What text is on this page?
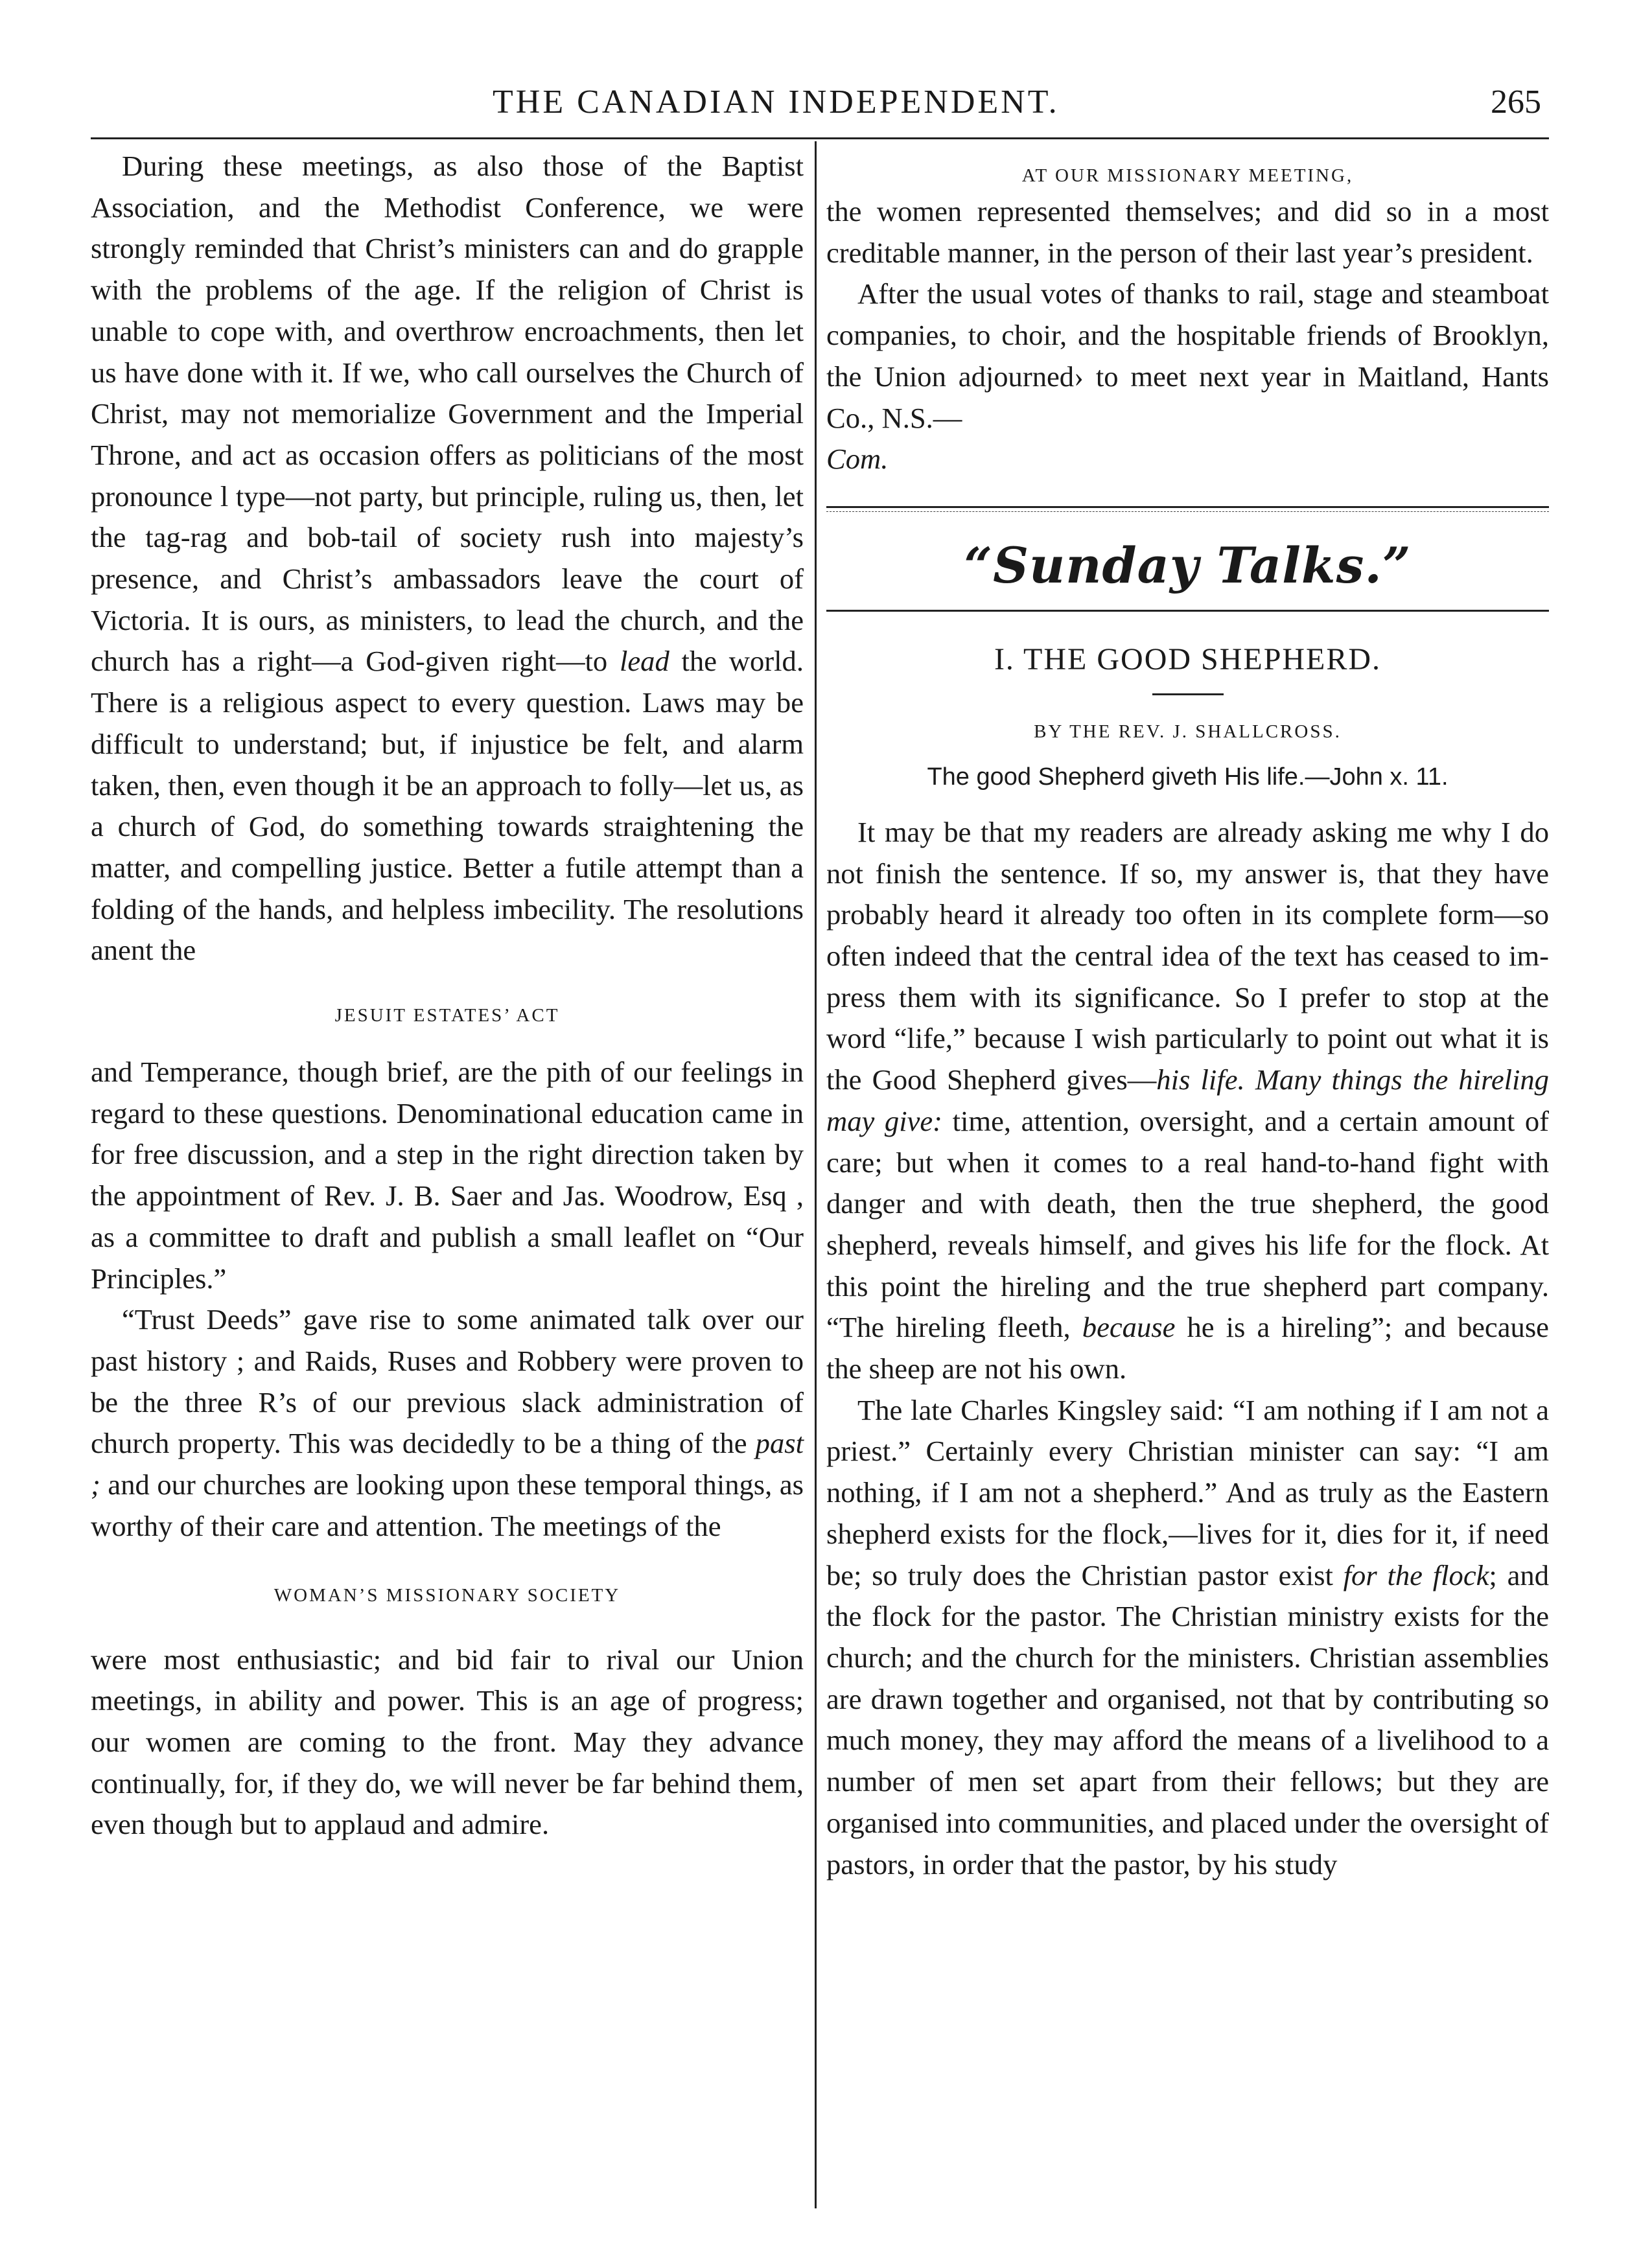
THE CANADIAN INDEPENDENT.	265

During these meetings, as also those of the Baptist Association, and the Methodist Conference, we were strongly reminded that Christ’s ministers can and do grapple with the problems of the age. If the religion of Christ is unable to cope with, and overthrow encroachments, then let us have done with it. If we, who call ourselves the Church of Christ, may not memorialize Government and the Imperial Throne, and act as occasion offers as politicians of the most pronounce l type—not party, but principle, ruling us, then, let the tag-rag and bob-tail of society rush into majesty’s presence, and Christ’s ambassadors leave the court of Victoria. It is ours, as ministers, to lead the church, and the church has a right—a God-given right—to lead the world. There is a religious aspect to every question. Laws may be difficult to understand; but, if injustice be felt, and alarm taken, then, even though it be an approach to folly—let us, as a church of God, do something towards straightening the matter, and compelling justice. Better a futile attempt than a folding of the hands, and helpless imbecility. The resolutions anent the

JESUIT ESTATES’ ACT

and Temperance, though brief, are the pith of our feelings in regard to these questions. Denominational education came in for free discussion, and a step in the right direction taken by the appointment of Rev. J. B. Saer and Jas. Woodrow, Esq , as a committee to draft and publish a small leaflet on “Our Principles.”

“Trust Deeds” gave rise to some animated talk over our past history ; and Raids, Ruses and Robbery were proven to be the three R’s of our previous slack administration of church property. This was decidedly to be a thing of the past ; and our churches are looking upon these temporal things, as worthy of their care and attention. The meetings of the

WOMAN’S MISSIONARY SOCIETY

were most enthusiastic; and bid fair to rival our Union meetings, in ability and power. This is an age of progress; our women are coming to the front. May they advance continually, for, if they do, we will never be far behind them, even though but to applaud and admire.

AT OUR MISSIONARY MEETING,

the women represented themselves; and did so in a most creditable manner, in the person of their last year’s president.

After the usual votes of thanks to rail, stage and steamboat companies, to choir, and the hospitable friends of Brooklyn, the Union adjourned› to meet next year in Maitland, Hants Co., N.S.—
Com.

“Sunday Talks.”

I. THE GOOD SHEPHERD.

BY THE REV. J. SHALLCROSS.

The good Shepherd giveth His life.—John x. 11.

It may be that my readers are already asking me why I do not finish the sentence. If so, my answer is, that they have probably heard it already too often in its complete form—so often indeed that the central idea of the text has ceased to impress them with its significance. So I prefer to stop at the word “life,” because I wish particularly to point out what it is the Good Shepherd gives—his life. Many things the hireling may give: time, attention, oversight, and a certain amount of care; but when it comes to a real hand-to-hand fight with danger and with death, then the true shepherd, the good shepherd, reveals himself, and gives his life for the flock. At this point the hireling and the true shepherd part company. “The hireling fleeth, because he is a hireling”; and because the sheep are not his own.

The late Charles Kingsley said: “I am nothing if I am not a priest.” Certainly every Christian minister can say: “I am nothing, if I am not a shepherd.” And as truly as the Eastern shepherd exists for the flock,—lives for it, dies for it, if need be; so truly does the Christian pastor exist for the flock; and the flock for the pastor. The Christian ministry exists for the church; and the church for the ministers. Christian assemblies are drawn together and organised, not that by contributing so much money, they may afford the means of a livelihood to a number of men set apart from their fellows; but they are organised into communities, and placed under the oversight of pastors, in order that the pastor, by his study
